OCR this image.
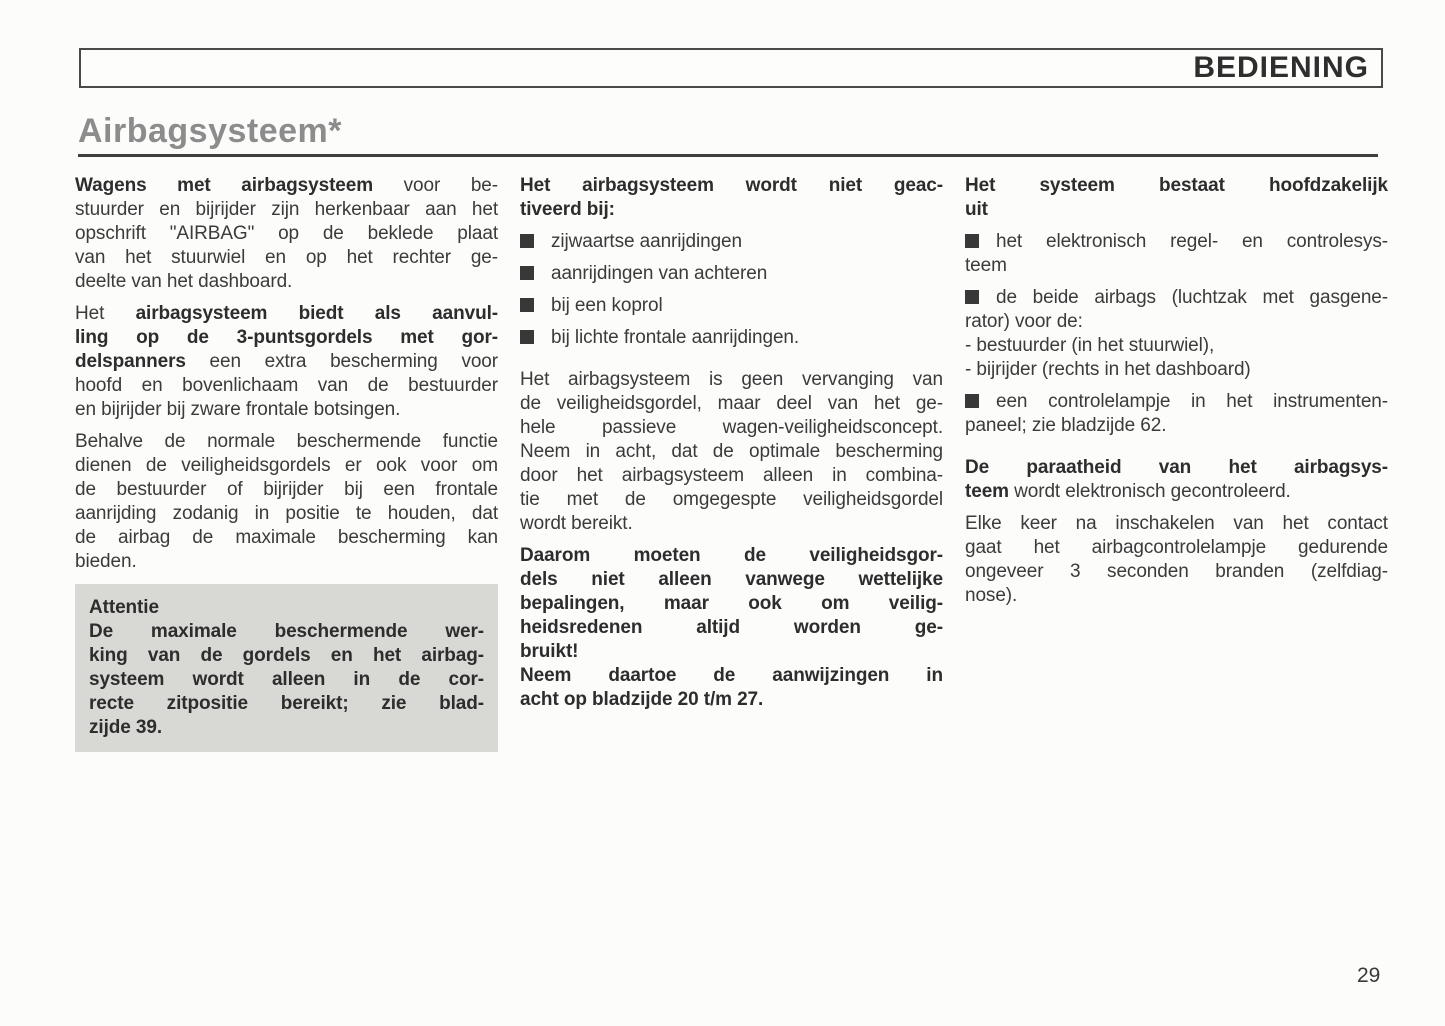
BEDIENING
Airbagsysteem*
Wagens met airbagsysteem voor be-
stuurder en bijrijder zijn herkenbaar aan het
opschrift "AIRBAG" op de beklede plaat
van het stuurwiel en op het rechter ge-
deelte van het dashboard.
Het airbagsysteem biedt als aanvul-
ling op de 3-puntsgordels met gor-
delspanners een extra bescherming voor
hoofd en bovenlichaam van de bestuurder
en bijrijder bij zware frontale botsingen.
Behalve de normale beschermende functie
dienen de veiligheidsgordels er ook voor om
de bestuurder of bijrijder bij een frontale
aanrijding zodanig in positie te houden, dat
de airbag de maximale bescherming kan
bieden.
Attentie
De maximale beschermende wer-
king van de gordels en het airbag-
systeem wordt alleen in de cor-
recte zitpositie bereikt; zie blad-
zijde 39.
Het airbagsysteem wordt niet geac-
tiveerd bij:
zijwaartse aanrijdingen
aanrijdingen van achteren
bij een koprol
bij lichte frontale aanrijdingen.
Het airbagsysteem is geen vervanging van
de veiligheidsgordel, maar deel van het ge-
hele passieve wagen-veiligheidsconcept.
Neem in acht, dat de optimale bescherming
door het airbagsysteem alleen in combina-
tie met de omgegespte veiligheidsgordel
wordt bereikt.
Daarom moeten de veiligheidsgor-
dels niet alleen vanwege wettelijke
bepalingen, maar ook om veilig-
heidsredenen altijd worden ge-
bruikt!
Neem daartoe de aanwijzingen in
acht op bladzijde 20 t/m 27.
Het systeem bestaat hoofdzakelijk
uit
het elektronisch regel- en controlesys-
teem
de beide airbags (luchtzak met gasgene-
rator) voor de:
- bestuurder (in het stuurwiel),
- bijrijder (rechts in het dashboard)
een controlelampje in het instrumenten-
paneel; zie bladzijde 62.
De paraatheid van het airbagsys-
teem wordt elektronisch gecontroleerd.
Elke keer na inschakelen van het contact
gaat het airbagcontrolelampje gedurende
ongeveer 3 seconden branden (zelfdiag-
nose).
29
